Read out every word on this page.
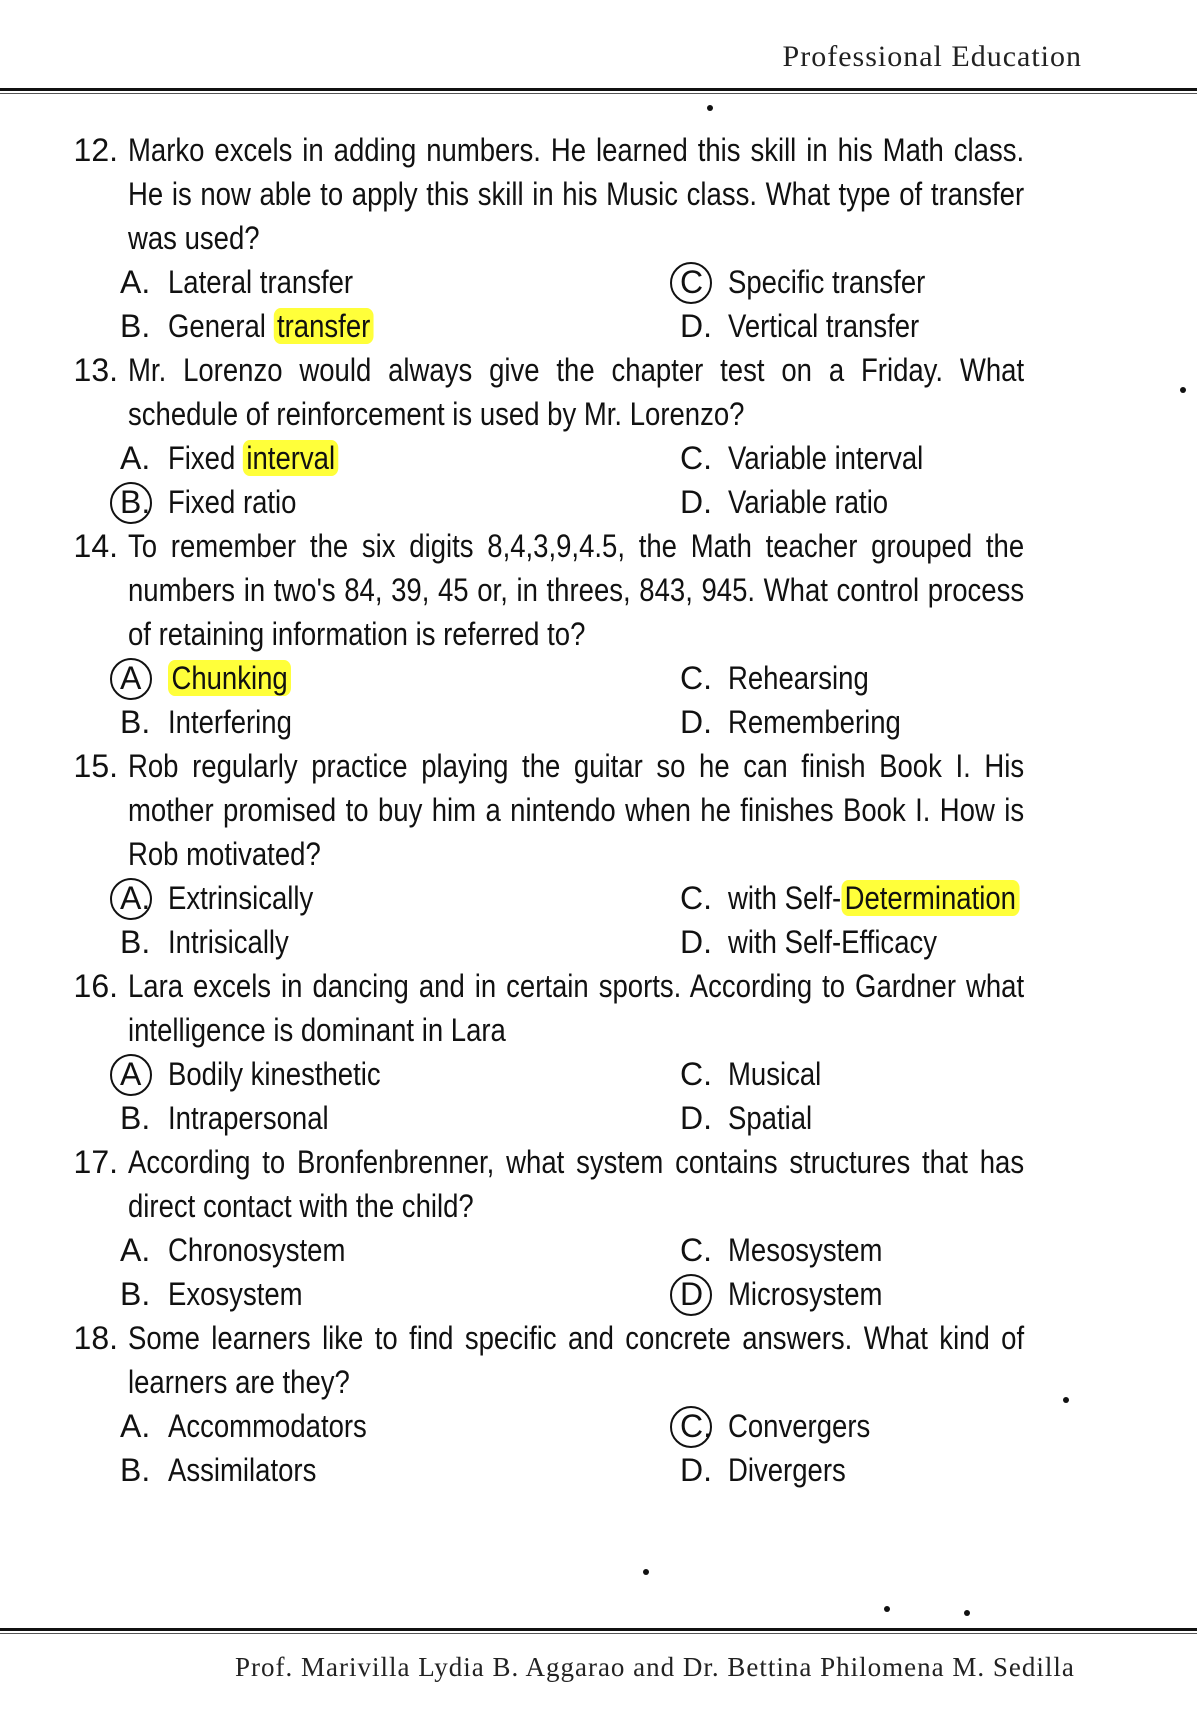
Professional Education
12. Marko excels in adding numbers. He learned this skill in his Math class. He is now able to apply this skill in his Music class. What type of transfer was used?
A. Lateral transfer	C Specific transfer
B. General transfer	D. Vertical transfer
13. Mr. Lorenzo would always give the chapter test on a Friday. What schedule of reinforcement is used by Mr. Lorenzo?
A. Fixed interval	C. Variable interval
B. Fixed ratio	D. Variable ratio
14. To remember the six digits 8,4,3,9,4.5, the Math teacher grouped the numbers in two's 84, 39, 45 or, in threes, 843, 945. What control process of retaining information is referred to?
A Chunking	C. Rehearsing
B. Interfering	D. Remembering
15. Rob regularly practice playing the guitar so he can finish Book I. His mother promised to buy him a nintendo when he finishes Book I. How is Rob motivated?
A. Extrinsically	C. with Self- Determination
B. Intrisically	D. with Self-Efficacy
16. Lara excels in dancing and in certain sports. According to Gardner what intelligence is dominant in Lara
A Bodily kinesthetic	C. Musical
B. Intrapersonal	D. Spatial
17. According to Bronfenbrenner, what system contains structures that has direct contact with the child?
A. Chronosystem	C. Mesosystem
B. Exosystem	D Microsystem
18. Some learners like to find specific and concrete answers. What kind of learners are they?
A. Accommodators	C. Convergers
B. Assimilators	D. Divergers
Prof. Marivilla Lydia B. Aggarao and Dr. Bettina Philomena M. Sedilla
